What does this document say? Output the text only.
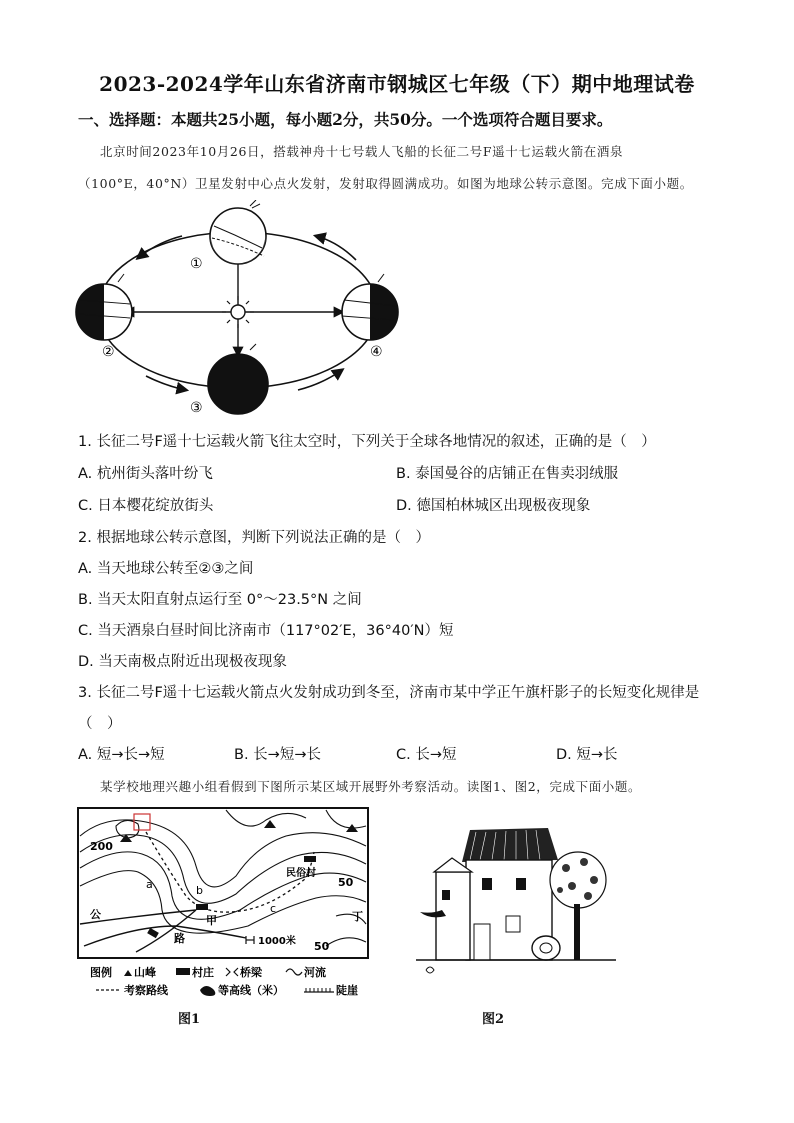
2023-2024学年山东省济南市钢城区七年级（下）期中地理试卷
一、选择题：本题共25小题，每小题2分，共50分。一个选项符合题目要求。
北京时间2023年10月26日，搭载神舟十七号载人飞船的长征二号F遥十七运载火箭在酒泉
（100°E，40°N）卫星发射中心点火发射，发射取得圆满成功。如图为地球公转示意图。完成下面小题。
①
②
③
④
1. 长征二号F遥十七运载火箭飞往太空时，下列关于全球各地情况的叙述，正确的是（　）
A. 杭州街头落叶纷飞	B. 泰国曼谷的店铺正在售卖羽绒服
C. 日本樱花绽放街头	D. 德国柏林城区出现极夜现象
2. 根据地球公转示意图，判断下列说法正确的是（　）
A. 当天地球公转至②③之间
B. 当天太阳直射点运行至 0°～23.5°N 之间
C. 当天酒泉白昼时间比济南市（117°02′E，36°40′N）短
D. 当天南极点附近出现极夜现象
3. 长征二号F遥十七运载火箭点火发射成功到冬至，济南市某中学正午旗杆影子的长短变化规律是
（　）
A. 短→长→短	B. 长→短→长	C. 长→短	D. 短→长
某学校地理兴趣小组看假到下图所示某区域开展野外考察活动。读图1、图2，完成下面小题。
200
50
50
a	b
c
甲	丁
民俗村
公
路	1000米
图例 山峰	村庄 桥梁	河流
考察路线	等高线（米）	陡崖
图1	图2
